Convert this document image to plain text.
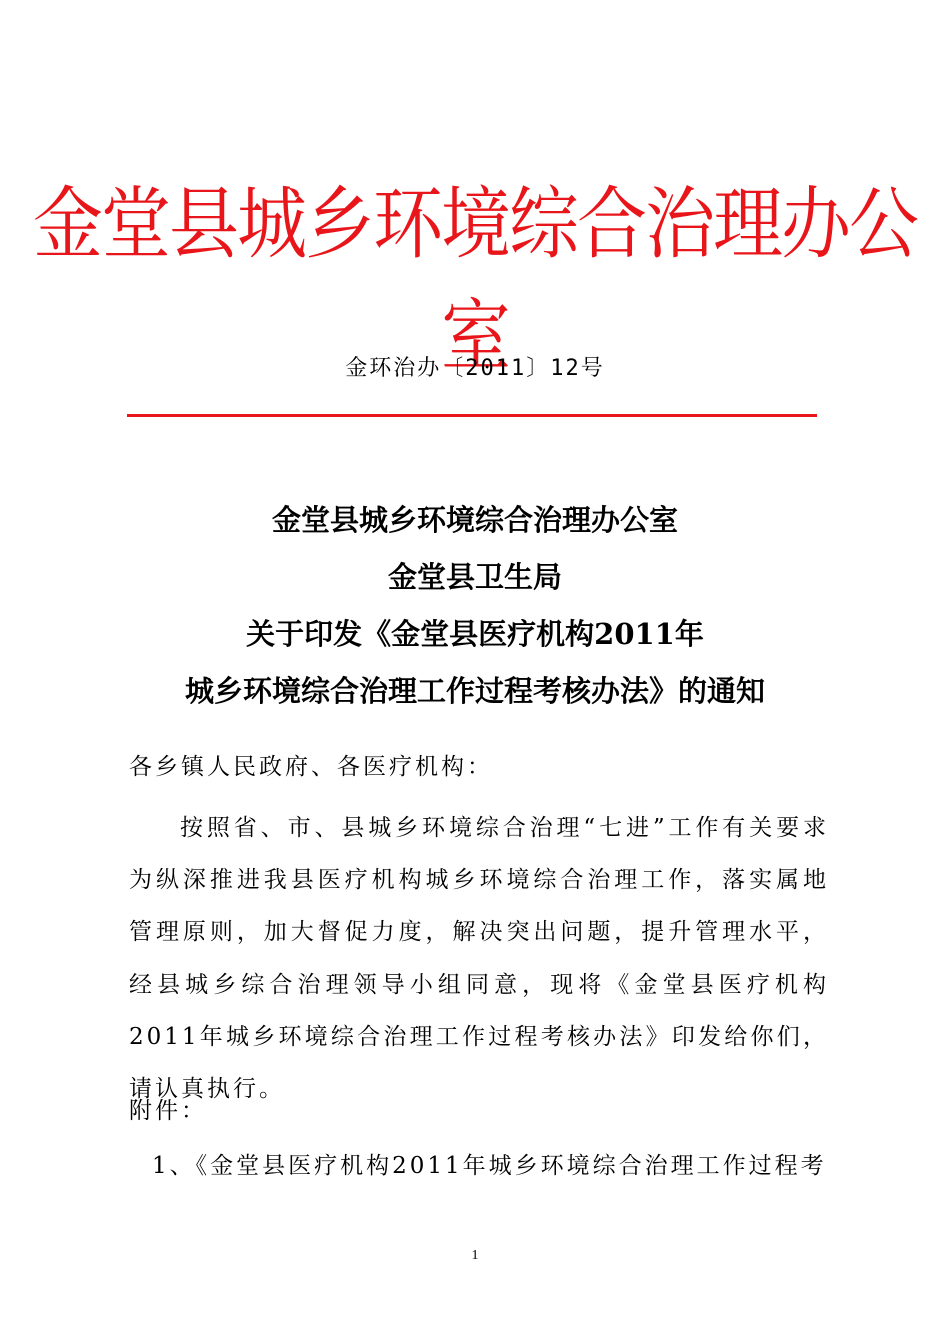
金堂县城乡环境综合治理办公室
金环治办〔2011〕12号
金堂县城乡环境综合治理办公室
金堂县卫生局
关于印发《金堂县医疗机构2011年
城乡环境综合治理工作过程考核办法》的通知
各乡镇人民政府、各医疗机构：
按照省、市、县城乡环境综合治理“七进”工作有关要求为纵深推进我县医疗机构城乡环境综合治理工作，落实属地管理原则，加大督促力度，解决突出问题，提升管理水平，经县城乡综合治理领导小组同意，现将《金堂县医疗机构2011年城乡环境综合治理工作过程考核办法》印发给你们，请认真执行。
附件：
1、《金堂县医疗机构2011年城乡环境综合治理工作过程考
1
